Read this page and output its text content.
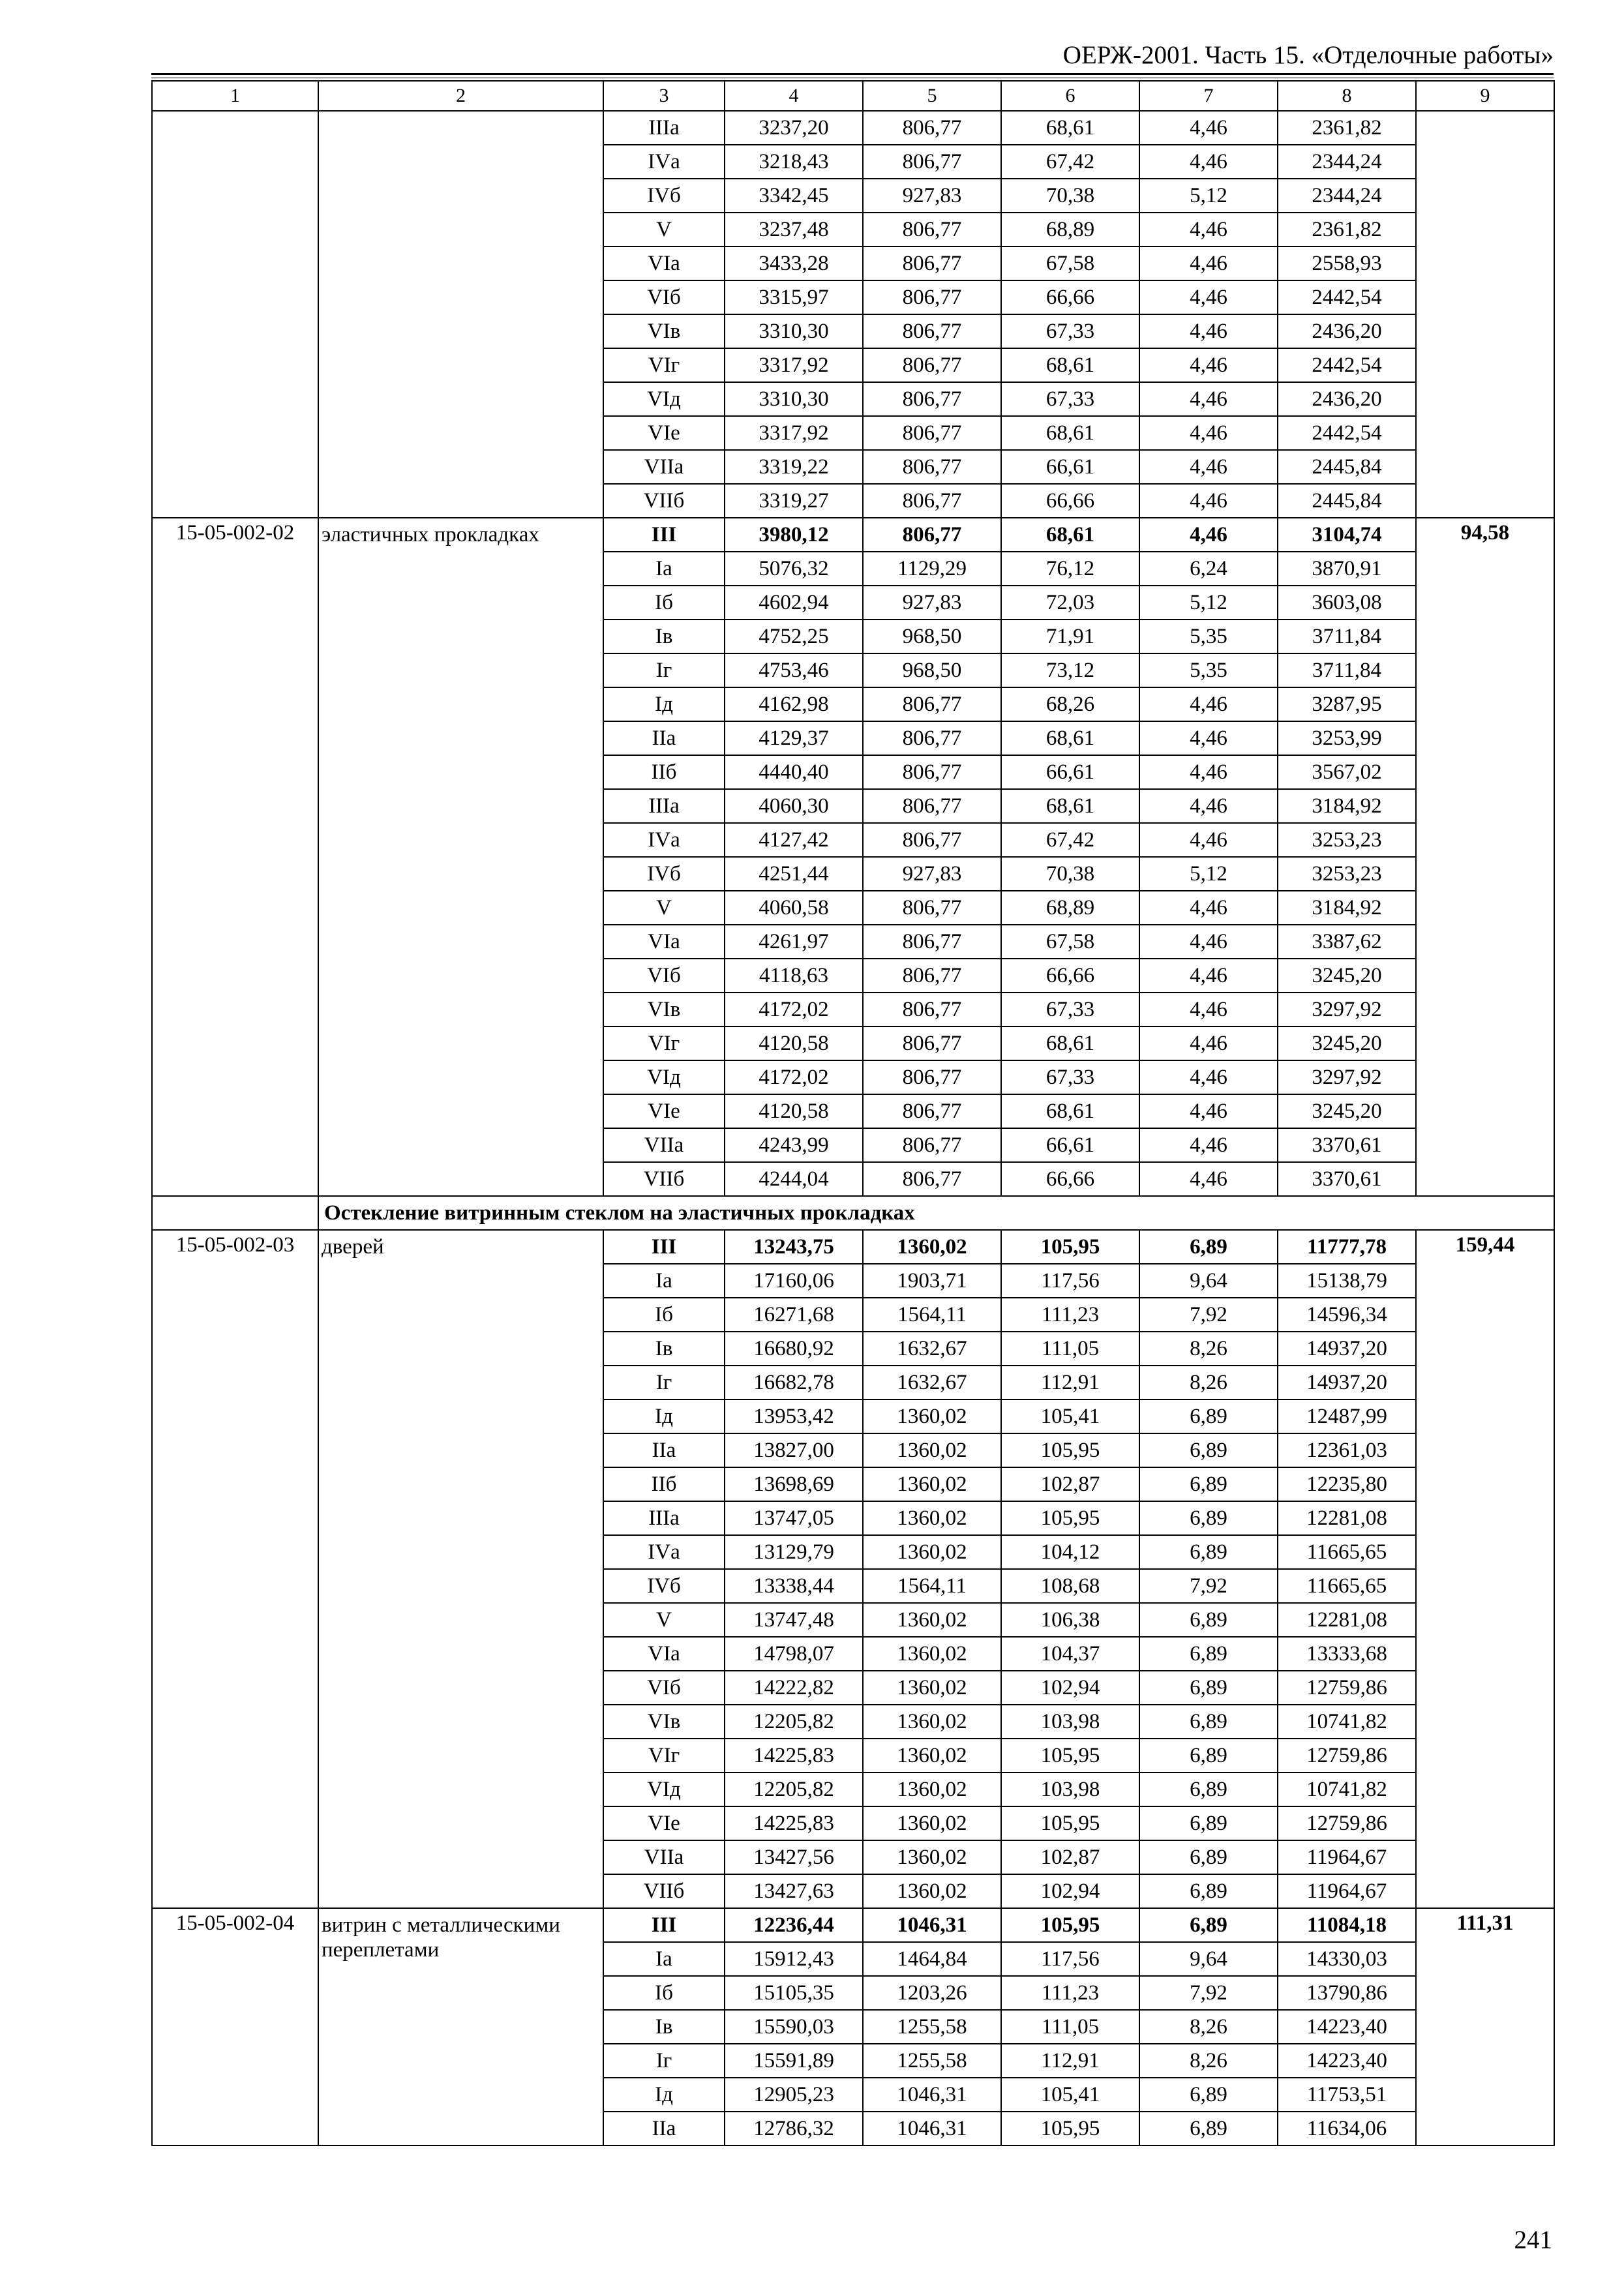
ОЕРЖ-2001. Часть 15. «Отделочные работы»
1	2	3	4	5	6	7	8	9
		IIIа	3237,20	806,77	68,61	4,46	2361,82	
		IVа	3218,43	806,77	67,42	4,46	2344,24	
		IVб	3342,45	927,83	70,38	5,12	2344,24	
		V	3237,48	806,77	68,89	4,46	2361,82	
		VIа	3433,28	806,77	67,58	4,46	2558,93	
		VIб	3315,97	806,77	66,66	4,46	2442,54	
		VIв	3310,30	806,77	67,33	4,46	2436,20	
		VIг	3317,92	806,77	68,61	4,46	2442,54	
		VIд	3310,30	806,77	67,33	4,46	2436,20	
		VIе	3317,92	806,77	68,61	4,46	2442,54	
		VIIа	3319,22	806,77	66,61	4,46	2445,84	
		VIIб	3319,27	806,77	66,66	4,46	2445,84	
15-05-002-02	эластичных прокладках	III	3980,12	806,77	68,61	4,46	3104,74	94,58
		Iа	5076,32	1129,29	76,12	6,24	3870,91	
		Iб	4602,94	927,83	72,03	5,12	3603,08	
		Iв	4752,25	968,50	71,91	5,35	3711,84	
		Iг	4753,46	968,50	73,12	5,35	3711,84	
		Iд	4162,98	806,77	68,26	4,46	3287,95	
		IIа	4129,37	806,77	68,61	4,46	3253,99	
		IIб	4440,40	806,77	66,61	4,46	3567,02	
		IIIа	4060,30	806,77	68,61	4,46	3184,92	
		IVа	4127,42	806,77	67,42	4,46	3253,23	
		IVб	4251,44	927,83	70,38	5,12	3253,23	
		V	4060,58	806,77	68,89	4,46	3184,92	
		VIа	4261,97	806,77	67,58	4,46	3387,62	
		VIб	4118,63	806,77	66,66	4,46	3245,20	
		VIв	4172,02	806,77	67,33	4,46	3297,92	
		VIг	4120,58	806,77	68,61	4,46	3245,20	
		VIд	4172,02	806,77	67,33	4,46	3297,92	
		VIе	4120,58	806,77	68,61	4,46	3245,20	
		VIIа	4243,99	806,77	66,61	4,46	3370,61	
		VIIб	4244,04	806,77	66,66	4,46	3370,61	
	Остекление витринным стеклом на эластичных прокладках							
15-05-002-03	дверей	III	13243,75	1360,02	105,95	6,89	11777,78	159,44
		Iа	17160,06	1903,71	117,56	9,64	15138,79	
		Iб	16271,68	1564,11	111,23	7,92	14596,34	
		Iв	16680,92	1632,67	111,05	8,26	14937,20	
		Iг	16682,78	1632,67	112,91	8,26	14937,20	
		Iд	13953,42	1360,02	105,41	6,89	12487,99	
		IIа	13827,00	1360,02	105,95	6,89	12361,03	
		IIб	13698,69	1360,02	102,87	6,89	12235,80	
		IIIа	13747,05	1360,02	105,95	6,89	12281,08	
		IVа	13129,79	1360,02	104,12	6,89	11665,65	
		IVб	13338,44	1564,11	108,68	7,92	11665,65	
		V	13747,48	1360,02	106,38	6,89	12281,08	
		VIа	14798,07	1360,02	104,37	6,89	13333,68	
		VIб	14222,82	1360,02	102,94	6,89	12759,86	
		VIв	12205,82	1360,02	103,98	6,89	10741,82	
		VIг	14225,83	1360,02	105,95	6,89	12759,86	
		VIд	12205,82	1360,02	103,98	6,89	10741,82	
		VIе	14225,83	1360,02	105,95	6,89	12759,86	
		VIIа	13427,56	1360,02	102,87	6,89	11964,67	
		VIIб	13427,63	1360,02	102,94	6,89	11964,67	
15-05-002-04	витрин с металлическими переплетами	III	12236,44	1046,31	105,95	6,89	11084,18	111,31
		Iа	15912,43	1464,84	117,56	9,64	14330,03	
		Iб	15105,35	1203,26	111,23	7,92	13790,86	
		Iв	15590,03	1255,58	111,05	8,26	14223,40	
		Iг	15591,89	1255,58	112,91	8,26	14223,40	
		Iд	12905,23	1046,31	105,41	6,89	11753,51	
		IIа	12786,32	1046,31	105,95	6,89	11634,06	
241
